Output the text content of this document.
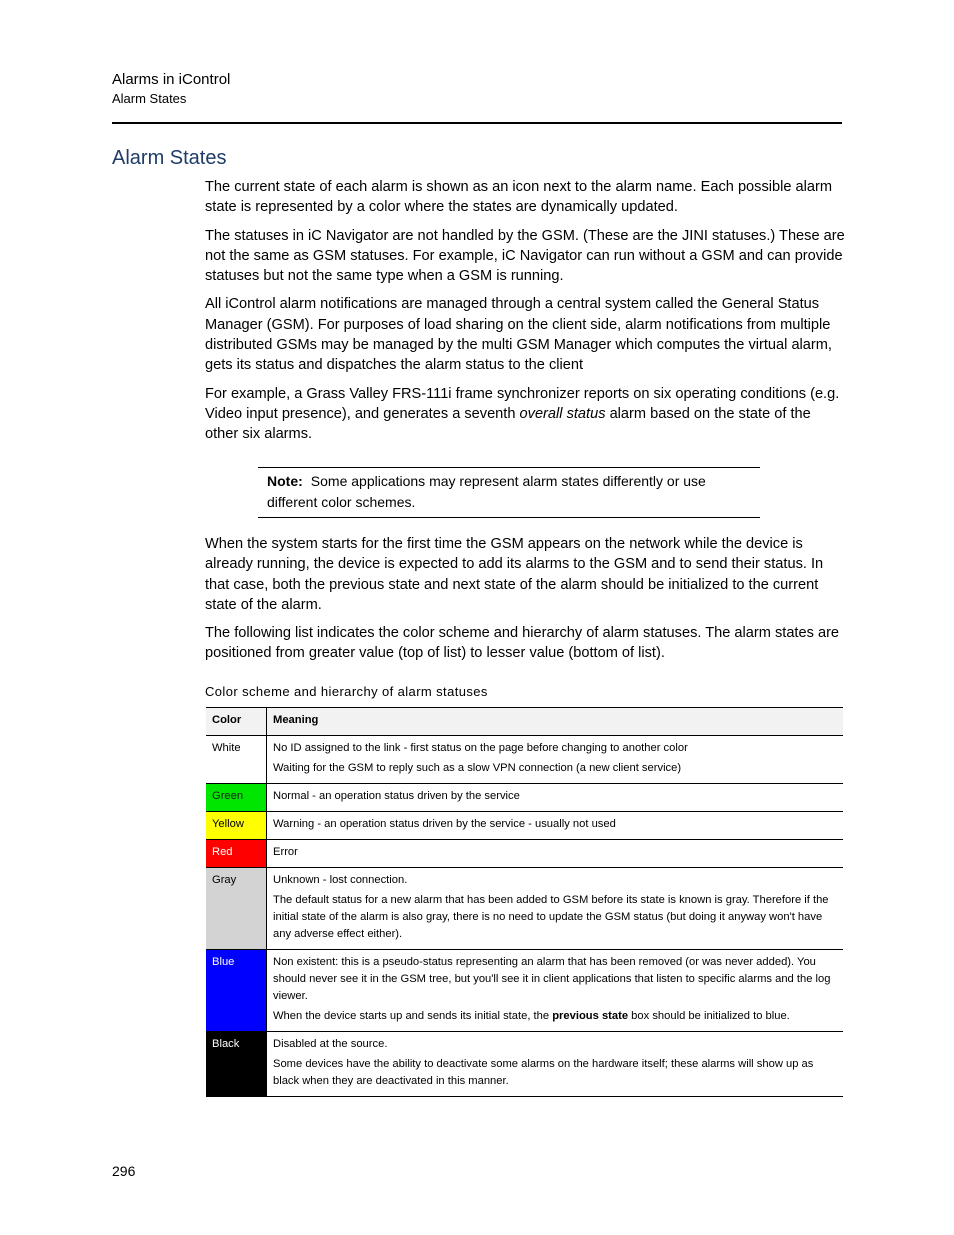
Alarms in iControl
Alarm States
Alarm States

The current state of each alarm is shown as an icon next to the alarm name. Each possible alarm state is represented by a color where the states are dynamically updated.

The statuses in iC Navigator are not handled by the GSM. (These are the JINI statuses.) These are not the same as GSM statuses. For example, iC Navigator can run without a GSM and can provide statuses but not the same type when a GSM is running.

All iControl alarm notifications are managed through a central system called the General Status Manager (GSM). For purposes of load sharing on the client side, alarm notifications from multiple distributed GSMs may be managed by the multi GSM Manager which computes the virtual alarm, gets its status and dispatches the alarm status to the client

For example, a Grass Valley FRS-111i frame synchronizer reports on six operating conditions (e.g. Video input presence), and generates a seventh overall status alarm based on the state of the other six alarms.

Note: Some applications may represent alarm states differently or use different color schemes.

When the system starts for the first time the GSM appears on the network while the device is already running, the device is expected to add its alarms to the GSM and to send their status. In that case, both the previous state and next state of the alarm should be initialized to the current state of the alarm.

The following list indicates the color scheme and hierarchy of alarm statuses. The alarm states are positioned from greater value (top of list) to lesser value (bottom of list).

Color scheme and hierarchy of alarm statuses
Color	Meaning
White	No ID assigned to the link - first status on the page before changing to another color
Waiting for the GSM to reply such as a slow VPN connection (a new client service)

Green	Normal - an operation status driven by the service

Yellow	Warning - an operation status driven by the service - usually not used

Red	Error

Gray	Unknown - lost connection.
The default status for a new alarm that has been added to GSM before its state is known is gray. Therefore if the initial state of the alarm is also gray, there is no need to update the GSM status (but doing it anyway won't have any adverse effect either).

Blue	Non existent: this is a pseudo-status representing an alarm that has been removed (or was never added). You should never see it in the GSM tree, but you'll see it in client applications that listen to specific alarms and the log viewer.
When the device starts up and sends its initial state, the previous state box should be initialized to blue.

Black	Disabled at the source.
Some devices have the ability to deactivate some alarms on the hardware itself; these alarms will show up as black when they are deactivated in this manner.
296
